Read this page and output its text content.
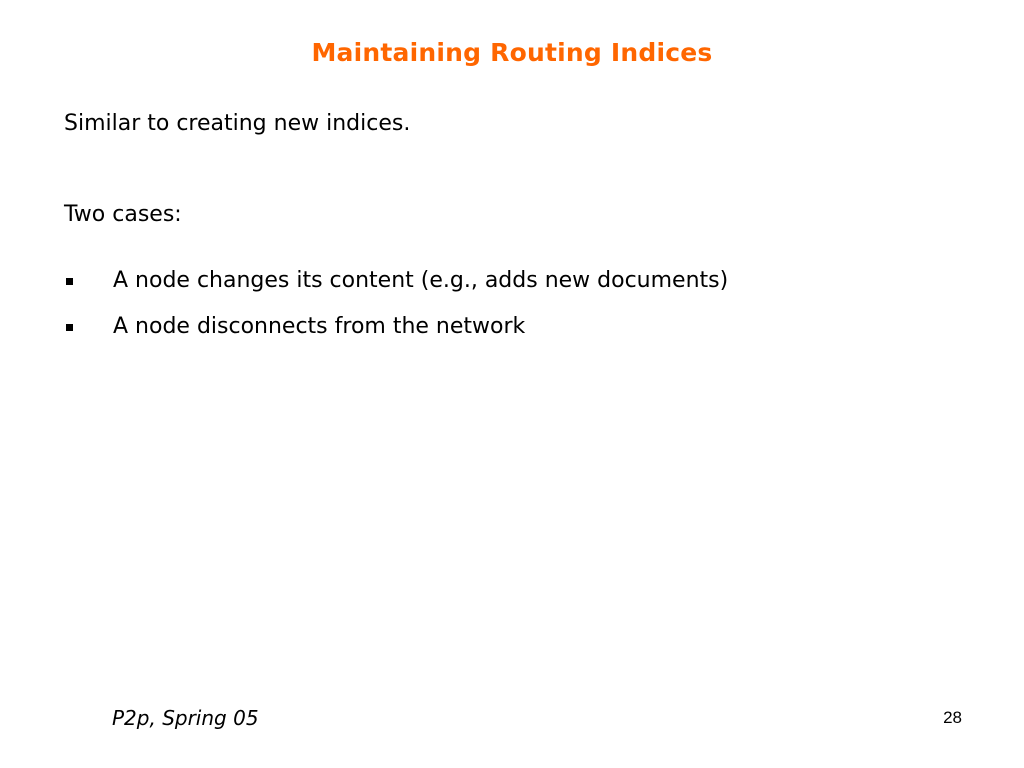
Maintaining Routing Indices
Similar to creating new indices.
Two cases:
A node changes its content (e.g., adds new documents)
A node disconnects from the network
P2p, Spring 05	28
